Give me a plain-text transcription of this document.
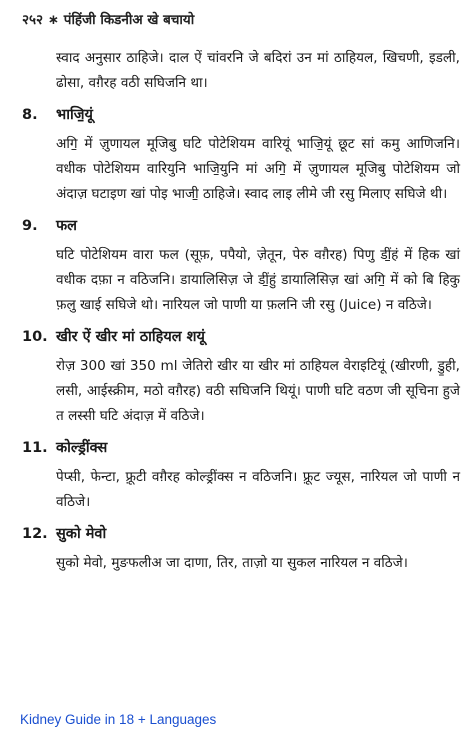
२५२ ∗ पंहिंजी किडनीअ खे बचायो

स्वाद अनुसार ठाहिजे। दाल ऐं चांवरनि जे बदिरां उन मां ठाहियल, खिचणी, इडली, ढोसा, वग़ैरह वठी सघिजनि था।

8.	भाजि॒यूं

अगि॒ में ज़ुणायल मूजिबु घटि पोटेशियम वारियूं भाजि॒यूं छूट सां कमु आणिजनि। वधीक पोटेशियम वारियुनि भाजि॒युनि मां अगि॒ में ज़ुणायल मूजिबु पोटेशियम जो अंदाज़ घटाइण खां पोइ भाजी॒ ठाहिजे। स्वाद लाइ लीमे जी रसु मिलाए सघिजे थी।

9.	फल

घटि पोटेशियम वारा फल (सूफ़, पपैयो, ज़ेतून, पेरु वग़ैरह) पिणु डीं॒हं में हिक खां वधीक दफ़ा न वठिजनि। डायालिसिज़ जे डीं॒हुं डायालिसिज़ खां अगि॒ में को बि हिकु फ़लु खाई सघिजे थो। नारियल जो पाणी या फ़लनि जी रसु (Juice) न वठिजे।

10. खीर ऐं खीर मां ठाहियल शयूं

रोज़ 300 खां 350 ml जेतिरो खीर या खीर मां ठाहियल वेराइटियूं (खीरणी, डु॒ही, लसी, आईस्क्रीम, मठो वग़ैरह) वठी सघिजनि थियूं। पाणी घटि वठण जी सूचिना हुजे त लस्सी घटि अंदाज़ में वठिजे।

11. कोल्ड्रींक्स

पेप्सी, फेन्टा, फ़्रूटी वग़ैरह कोल्ड्रींक्स न वठिजनि। फ़्रूट ज्यूस, नारियल जो पाणी न वठिजे।

12. सुको मेवो

सुको मेवो, मुङफलीअ जा दाणा, तिर, ताज़ो या सुकल नारियल न वठिजे।

Kidney Guide in 18 + Languages
